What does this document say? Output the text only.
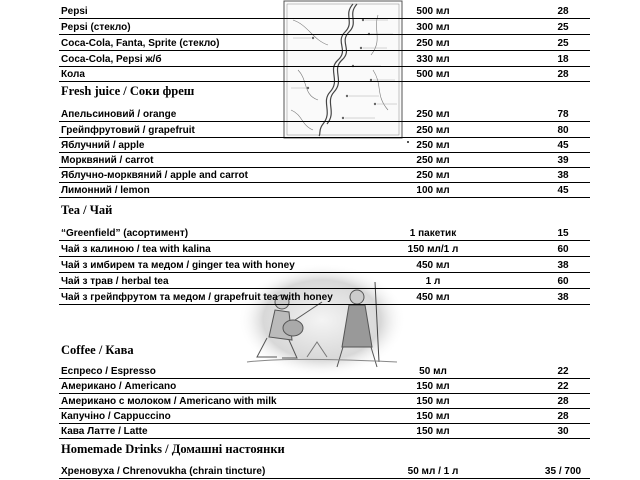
Pepsi	500 мл	28
Pepsi (стекло)	300 мл	25
Coca-Cola, Fanta, Sprite (стекло)	250 мл	25
Coca-Cola, Pepsi ж/б	330 мл	18
Кола	500 мл	28
Fresh juice / Соки фреш
Апельсиновий / orange	250 мл	78
Грейпфрутовий / grapefruit	250 мл	80
Яблучний / apple	250 мл	45
Морквяний / carrot	250 мл	39
Яблучно-морквяний / apple and carrot	250 мл	38
Лимонний / lemon	100 мл	45
Tea / Чай
“Greenfield” (асортимент)	1 пакетик	15
Чай з калиною / tea with kalina	150 мл/1 л	60
Чай з имбирем та медом / ginger tea with honey	450 мл	38
Чай з трав / herbal tea	1 л	60
Чай з грейпфрутом та медом / grapefruit tea with honey	450 мл	38
Coffee / Кава
Еспресо / Espresso	50 мл	22
Американо / Americano	150 мл	22
Американо с молоком / Americano with milk	150 мл	28
Капучіно / Cappuccino	150 мл	28
Кава Латте / Latte	150 мл	30
Homemade Drinks / Домашні настоянки
Хреновуха / Chrenovukha (chrain tincture)	50 мл / 1 л	35 / 700
